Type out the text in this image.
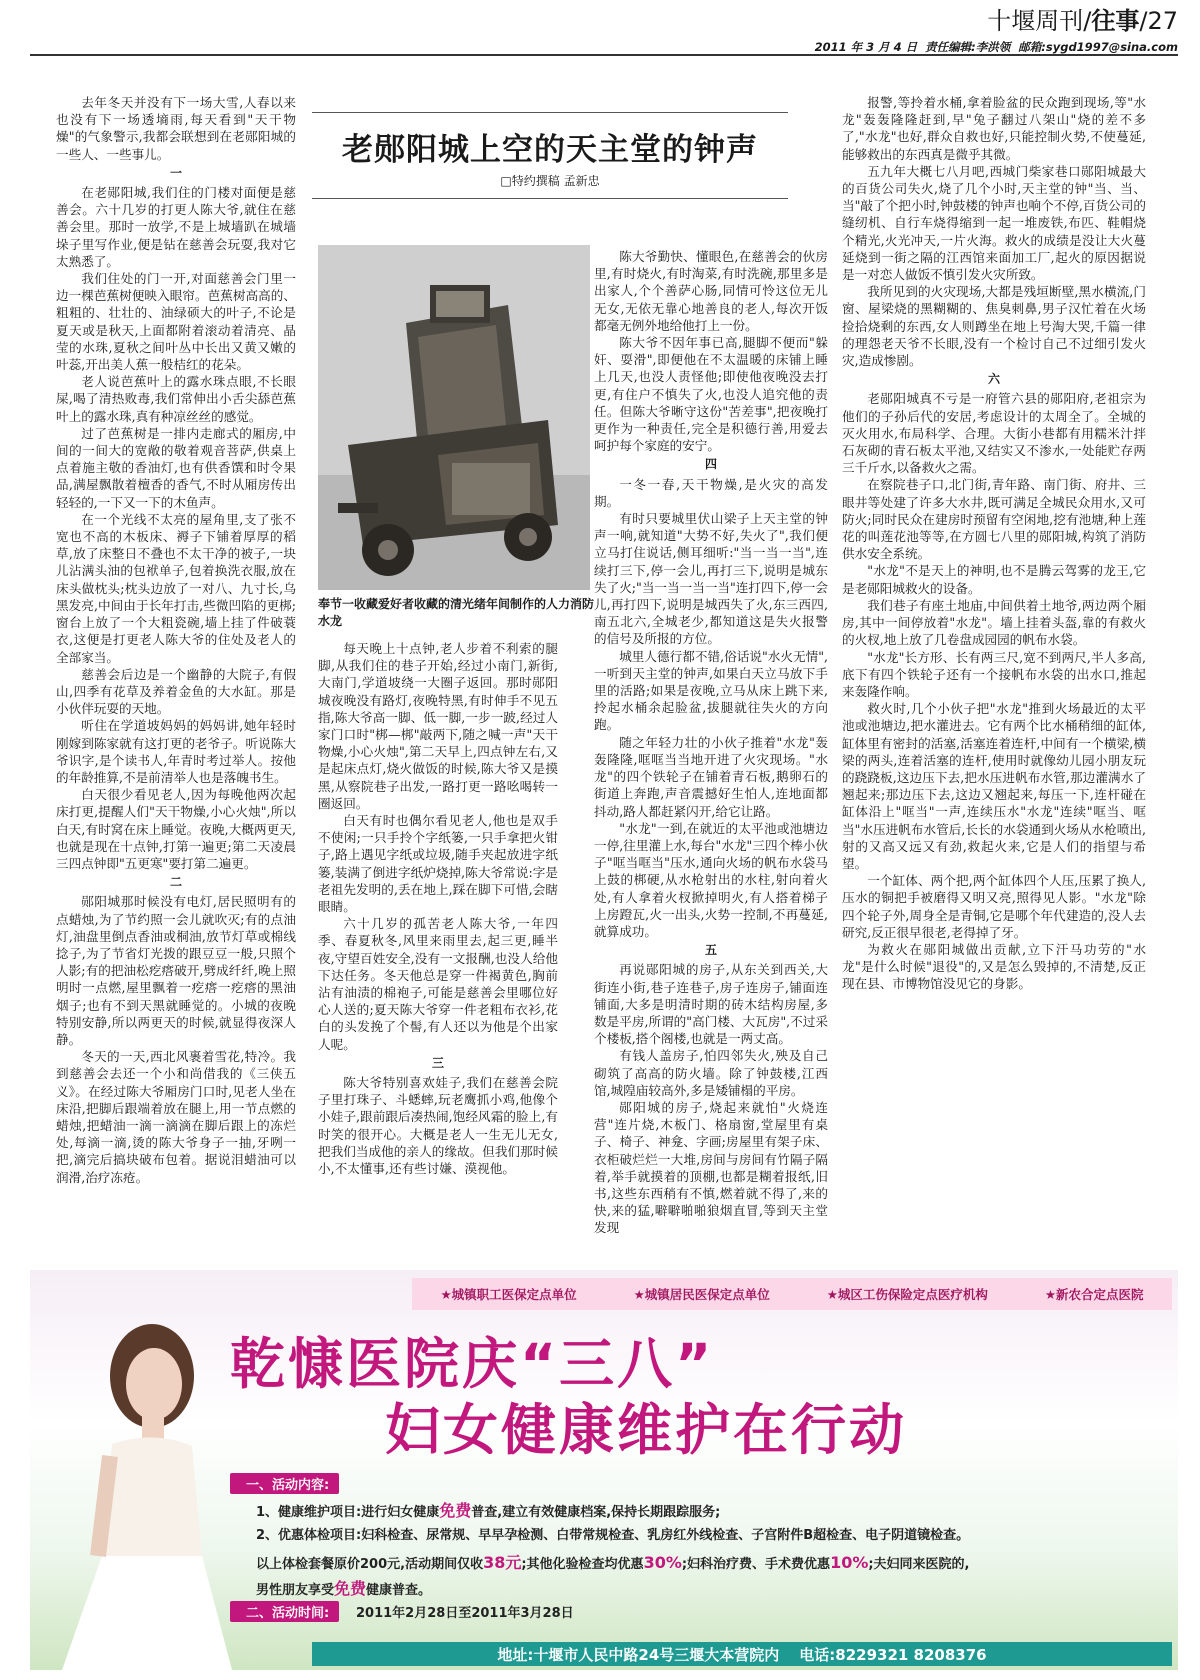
十堰周刊/往事/27
2011 年 3 月 4 日 责任编辑:李洪领 邮箱:sygd1997@sina.com
老郧阳城上空的天主堂的钟声
□特约撰稿 孟新忠

去年冬天并没有下一场大雪,人春以来也没有下一场透墒雨,每天看到"天干物燥"的气象警示,我都会联想到在老郧阳城的一些人、一些事儿。

一

在老郧阳城,我们住的门楼对面便是慈善会。六十几岁的打更人陈大爷,就住在慈善会里。那时一放学,不是上城墙趴在城墙垛子里写作业,便是钻在慈善会玩耍,我对它太熟悉了。

我们住处的门一开,对面慈善会门里一边一棵芭蕉树便映入眼帘。芭蕉树高高的、粗粗的、壮壮的、油绿硕大的叶子,不论是夏天或是秋天,上面都附着滚动着清亮、晶莹的水珠,夏秋之间叶丛中长出又黄又嫩的叶蕊,开出美人蕉一般桔红的花朵。

老人说芭蕉叶上的露水珠点眼,不长眼屎,喝了清热败毒,我们常伸出小舌尖舔芭蕉叶上的露水珠,真有种凉丝丝的感觉。

过了芭蕉树是一排内走廊式的厢房,中间的一间大的宽敞的敬着观音菩萨,供桌上点着施主敬的香油灯,也有供香馔和时令果品,满屋飘散着檀香的香气,不时从厢房传出轻轻的,一下又一下的木鱼声。

在一个光线不太亮的屋角里,支了张不宽也不高的木板床、褥子下铺着厚厚的稻草,放了床整日不叠也不太干净的被子,一块儿沾满头油的包袱单子,包着换洗衣服,放在床头做枕头;枕头边放了一对八、九寸长,乌黑发亮,中间由于长年打击,些微凹陷的更梆;窗台上放了一个大粗瓷碗,墙上挂了件破蓑衣,这便是打更老人陈大爷的住处及老人的全部家当。

慈善会后边是一个幽静的大院子,有假山,四季有花草及养着金鱼的大水缸。那是小伙伴玩耍的天地。

听住在学道坡妈妈的妈妈讲,她年轻时刚嫁到陈家就有这打更的老爷子。听说陈大爷识字,是个读书人,年青时考过举人。按他的年龄推算,不是前清举人也是落魄书生。

白天很少看见老人,因为每晚他两次起床打更,提醒人们"天干物燥,小心火烛",所以白天,有时窝在床上睡觉。夜晚,大概两更天,也就是现在十点钟,打第一遍更;第二天凌晨三四点钟即"五更寒"要打第二遍更。

二

郧阳城那时候没有电灯,居民照明有的点蜡烛,为了节约照一会儿就吹灭;有的点油灯,油盘里倒点香油或桐油,放节灯草或棉线捻子,为了节省灯光拨的跟豆豆一般,只照个人影;有的把油松疙瘩破开,劈成纤纤,晚上照明时一点燃,屋里飘着一疙瘩一疙瘩的黑油烟子;也有不到天黑就睡觉的。小城的夜晚特别安静,所以两更天的时候,就显得夜深人静。

冬天的一天,西北风裹着雪花,特冷。我到慈善会去还一个小和尚借我的《三侠五义》。在经过陈大爷厢房门口时,见老人坐在床沿,把脚后跟端着放在腿上,用一节点燃的蜡烛,把蜡油一滴一滴滴在脚后跟上的冻烂处,每滴一滴,烫的陈大爷身子一抽,牙咧一把,滴完后搞块破布包着。据说泪蜡油可以润滑,治疗冻疮。

每天晚上十点钟,老人步着不利索的腿脚,从我们住的巷子开始,经过小南门,新街,大南门,学道坡绕一大圈子返回。那时郧阳城夜晚没有路灯,夜晚特黑,有时伸手不见五指,陈大爷高一脚、低一脚,一步一跛,经过人家门口时"梆—梆"敲两下,随之喊一声"天干物燥,小心火烛",第二天早上,四点钟左右,又是起床点灯,烧火做饭的时候,陈大爷又是摸黑,从察院巷子出发,一路打更一路吆喝转一圈返回。

白天有时也偶尔看见老人,他也是双手不使闲;一只手拎个字纸篓,一只手拿把火钳子,路上遇见字纸或垃圾,随手夹起放进字纸篓,装满了倒进字纸炉烧掉,陈大爷常说:字是老祖先发明的,丢在地上,踩在脚下可惜,会瞎眼睛。

六十几岁的孤苦老人陈大爷,一年四季、春夏秋冬,风里来雨里去,起三更,睡半夜,守望百姓安全,没有一文报酬,也没人给他下达任务。冬天他总是穿一件褐黄色,胸前沾有油渍的棉袍子,可能是慈善会里哪位好心人送的;夏天陈大爷穿一件老粗布衣衫,花白的头发挽了个髻,有人还以为他是个出家人呢。

三

陈大爷特别喜欢娃子,我们在慈善会院子里打珠子、斗蟋蟀,玩老鹰抓小鸡,他像个小娃子,跟前跟后凑热闹,饱经风霜的脸上,有时笑的很开心。大概是老人一生无儿无女,把我们当成他的亲人的缘故。但我们那时候小,不太懂事,还有些讨嫌、漠视他。

陈大爷勤快、懂眼色,在慈善会的伙房里,有时烧火,有时淘菜,有时洗碗,那里多是出家人,个个善萨心肠,同情可怜这位无儿无女,无依无靠心地善良的老人,每次开饭都毫无例外地给他打上一份。

陈大爷不因年事已高,腿脚不便而"躲奸、耍滑",即便他在不太温暖的床铺上睡上几天,也没人责怪他;即使他夜晚没去打更,有住户不慎失了火,也没人追究他的责任。但陈大爷晰守这份"苦差事",把夜晚打更作为一种责任,完全是积德行善,用爱去呵护每个家庭的安宁。

四

一冬一春,天干物燥,是火灾的高发期。

有时只要城里伏山梁子上天主堂的钟声一响,就知道"大势不好,失火了",我们便立马打住说话,侧耳细听:"当一当一当",连续打三下,停一会儿,再打三下,说明是城东失了火;"当一当一当一当"连打四下,停一会儿,再打四下,说明是城西失了火,东三西四,南五北六,全城老少,都知道这是失火报警的信号及所报的方位。

城里人德行都不错,俗话说"水火无情",一听到天主堂的钟声,如果白天立马放下手里的活路;如果是夜晚,立马从床上跳下来,拎起水桶余起脸盆,拔腿就往失火的方向跑。

随之年轻力壮的小伙子推着"水龙"轰轰隆隆,哐哐当当地开进了火灾现场。"水龙"的四个铁轮子在铺着青石板,鹅卵石的街道上奔跑,声音震撼好生怕人,连地面都抖动,路人都赶紧闪开,给它让路。

"水龙"一到,在就近的太平池或池塘边一停,往里灌上水,每台"水龙"三四个棒小伙子"哐当哐当"压水,通向火场的帆布水袋马上鼓的梆硬,从水枪射出的水柱,射向着火处,有人拿着火杈掀掉明火,有人搭着梯子上房蹬瓦,火一出头,火势一控制,不再蔓延,就算成功。

五

再说郧阳城的房子,从东关到西关,大街连小街,巷子连巷子,房子连房子,铺面连铺面,大多是明清时期的砖木结构房屋,多数是平房,所谓的"高门楼、大瓦房",不过采个楼板,搭个阁楼,也就是一两丈高。

有钱人盖房子,怕四邻失火,殃及自己砌筑了高高的防火墙。除了钟鼓楼,江西馆,城隍庙较高外,多是矮铺榻的平房。

郧阳城的房子,烧起来就怕"火烧连营"连片烧,木板门、格扇窗,堂屋里有桌子、椅子、神龛、字画;房屋里有架子床、衣柜破烂烂一大堆,房间与房间有竹隔子隔着,举手就摸着的顶棚,也都是糊着报纸,旧书,这些东西稍有不慎,燃着就不得了,来的快,来的猛,噼噼啪啪狼烟直冒,等到天主堂发现

报警,等拎着水桶,拿着脸盆的民众跑到现场,等"水龙"轰轰隆隆赶到,早"兔子翻过八架山"烧的差不多了,"水龙"也好,群众自救也好,只能控制火势,不使蔓延,能够救出的东西真是微乎其微。

五九年大概七八月吧,西城门柴家巷口郧阳城最大的百货公司失火,烧了几个小时,天主堂的钟"当、当、当"敲了个把小时,钟鼓楼的钟声也响个不停,百货公司的缝纫机、自行车烧得缩到一起一堆废铁,布匹、鞋帽烧个精光,火光冲天,一片火海。救火的成绩是没让大火蔓延烧到一街之隔的江西馆来面加工厂,起火的原因据说是一对恋人做饭不慎引发火灾所致。

我所见到的火灾现场,大都是残垣断壁,黑水横流,门窗、屋梁烧的黑糊糊的、焦臭刺鼻,男子汉忙着在火场捡拾烧剩的东西,女人则蹲坐在地上号淘大哭,千篇一律的理怨老天爷不长眼,没有一个检讨自己不过细引发火灾,造成惨剧。

六

老郧阳城真不亏是一府管六县的郧阳府,老祖宗为他们的子孙后代的安居,考虑设计的太周全了。全城的灭火用水,布局科学、合理。大街小巷都有用糯米汁拌石灰砌的青石板太平池,又结实又不渗水,一处能贮存两三千斤水,以备救火之需。

在察院巷子口,北门街,青年路、南门街、府井、三眼井等处建了许多大水井,既可满足全城民众用水,又可防火;同时民众在建房时预留有空闲地,挖有池塘,种上莲花的叫莲花池等等,在方圆七八里的郧阳城,构筑了消防供水安全系统。

"水龙"不是天上的神明,也不是腾云驾雾的龙王,它是老郧阳城救火的设备。

我们巷子有座土地庙,中间供着土地爷,两边两个厢房,其中一间停放着"水龙"。墙上挂着头盔,靠的有救火的火杈,地上放了几卷盘成园园的帆布水袋。

"水龙"长方形、长有两三尺,宽不到两尺,半人多高,底下有四个铁轮子还有一个接帆布水袋的出水口,推起来轰隆作响。

救火时,几个小伙子把"水龙"推到火场最近的太平池或池塘边,把水灌进去。它有两个比水桶稍细的缸体,缸体里有密封的活塞,活塞连着连杆,中间有一个横梁,横梁的两头,连着活塞的连杆,使用时就像幼儿园小朋友玩的跷跷板,这边压下去,把水压进帆布水管,那边灌满水了翘起来;那边压下去,这边又翘起来,每压一下,连杆碰在缸体沿上"哐当"一声,连续压水"水龙"连续"哐当、哐当"水压进帆布水管后,长长的水袋通到火场从水枪喷出,射的又高又远又有劲,救起火来,它是人们的指望与希望。

一个缸体、两个把,两个缸体四个人压,压累了换人,压水的铜把手被磨得又明又亮,照得见人影。"水龙"除四个轮子外,周身全是青铜,它是哪个年代建造的,没人去研究,反正很早很老,老得掉了牙。

为救火在郧阳城做出贡献,立下汗马功劳的"水龙"是什么时候"退役"的,又是怎么毁掉的,不清楚,反正现在县、市博物馆没见它的身影。

奉节一收藏爱好者收藏的清光绪年间制作的人力消防水龙
★城镇职工医保定点单位	★城镇居民医保定点单位	★城区工伤保险定点医疗机构	★新农合定点医院
乾慷医院庆“三八”
妇女健康维护在行动
一、活动内容:
1、健康维护项目:进行妇女健康免费普查,建立有效健康档案,保持长期跟踪服务;
2、优惠体检项目:妇科检查、尿常规、早早孕检测、白带常规检查、乳房红外线检查、子宫附件B超检查、电子阴道镜检查。
以上体检套餐原价200元,活动期间仅收38元;其他化验检查均优惠30%;妇科治疗费、手术费优惠10%;夫妇同来医院的,
男性朋友享受免费健康普查。
二、活动时间:	2011年2月28日至2011年3月28日
地址:十堰市人民中路24号三堰大本营院内 电话:8229321 8208376
